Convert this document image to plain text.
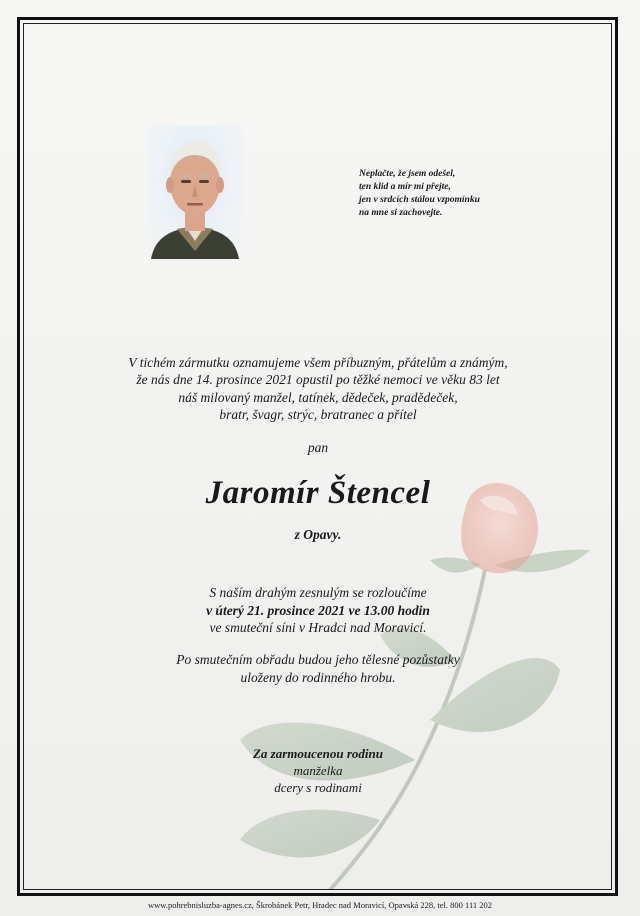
Neplačte, že jsem odešel,
ten klid a mír mi přejte,
jen v srdcích stálou vzpomínku
na mne si zachovejte.
V tichém zármutku oznamujeme všem příbuzným, přátelům a známým,
že nás dne 14. prosince 2021 opustil po těžké nemoci ve věku 83 let
náš milovaný manžel, tatínek, dědeček, pradědeček,
bratr, švagr, strýc, bratranec a přítel
pan
Jaromír Štencel
z Opavy.
S naším drahým zesnulým se rozloučíme
v úterý 21. prosince 2021 ve 13.00 hodin
ve smuteční síni v Hradci nad Moravicí.
Po smutečním obřadu budou jeho tělesné pozůstatky
uloženy do rodinného hrobu.
Za zarmoucenou rodinu
manželka
dcery s rodinami
www.pohrebnisluzba-agnes.cz, Škrobánek Petr, Hradec nad Moravicí, Opavská 228, tel. 800 111 202
